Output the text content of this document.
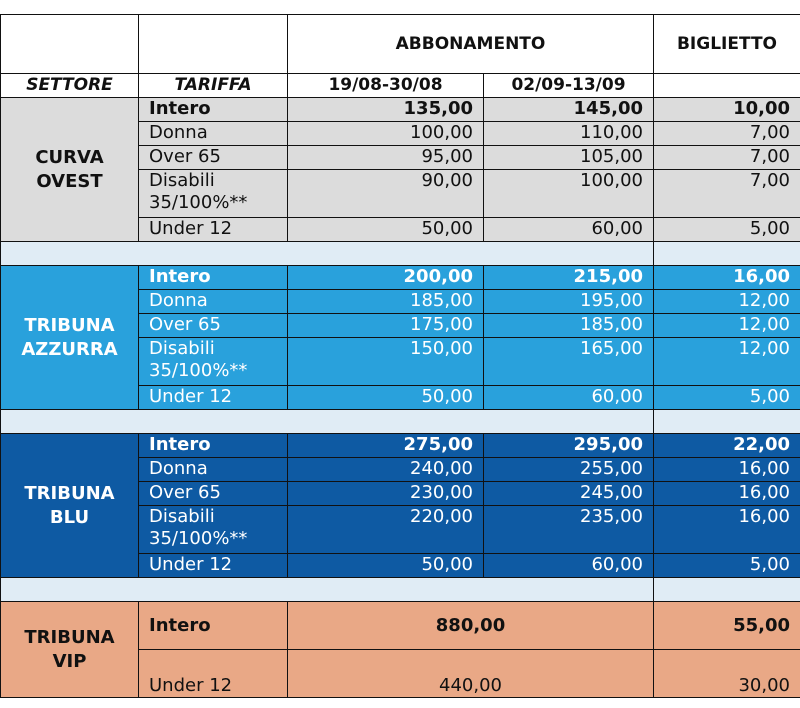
		ABBONAMENTO		BIGLIETTO
SETTORE	TARIFFA	19/08-30/08	02/09-13/09	
CURVA
OVEST	Intero	135,00	145,00	10,00
	Donna	100,00	110,00	7,00
	Over 65	95,00	105,00	7,00
	Disabili
35/100%**	90,00	100,00	7,00
	Under 12	50,00	60,00	5,00

TRIBUNA
AZZURRA	Intero	200,00	215,00	16,00
	Donna	185,00	195,00	12,00
	Over 65	175,00	185,00	12,00
	Disabili
35/100%**	150,00	165,00	12,00
	Under 12	50,00	60,00	5,00

TRIBUNA
BLU	Intero	275,00	295,00	22,00
	Donna	240,00	255,00	16,00
	Over 65	230,00	245,00	16,00
	Disabili
35/100%**	220,00	235,00	16,00
	Under 12	50,00	60,00	5,00

TRIBUNA
VIP	Intero	880,00		55,00
	Under 12	440,00		30,00
